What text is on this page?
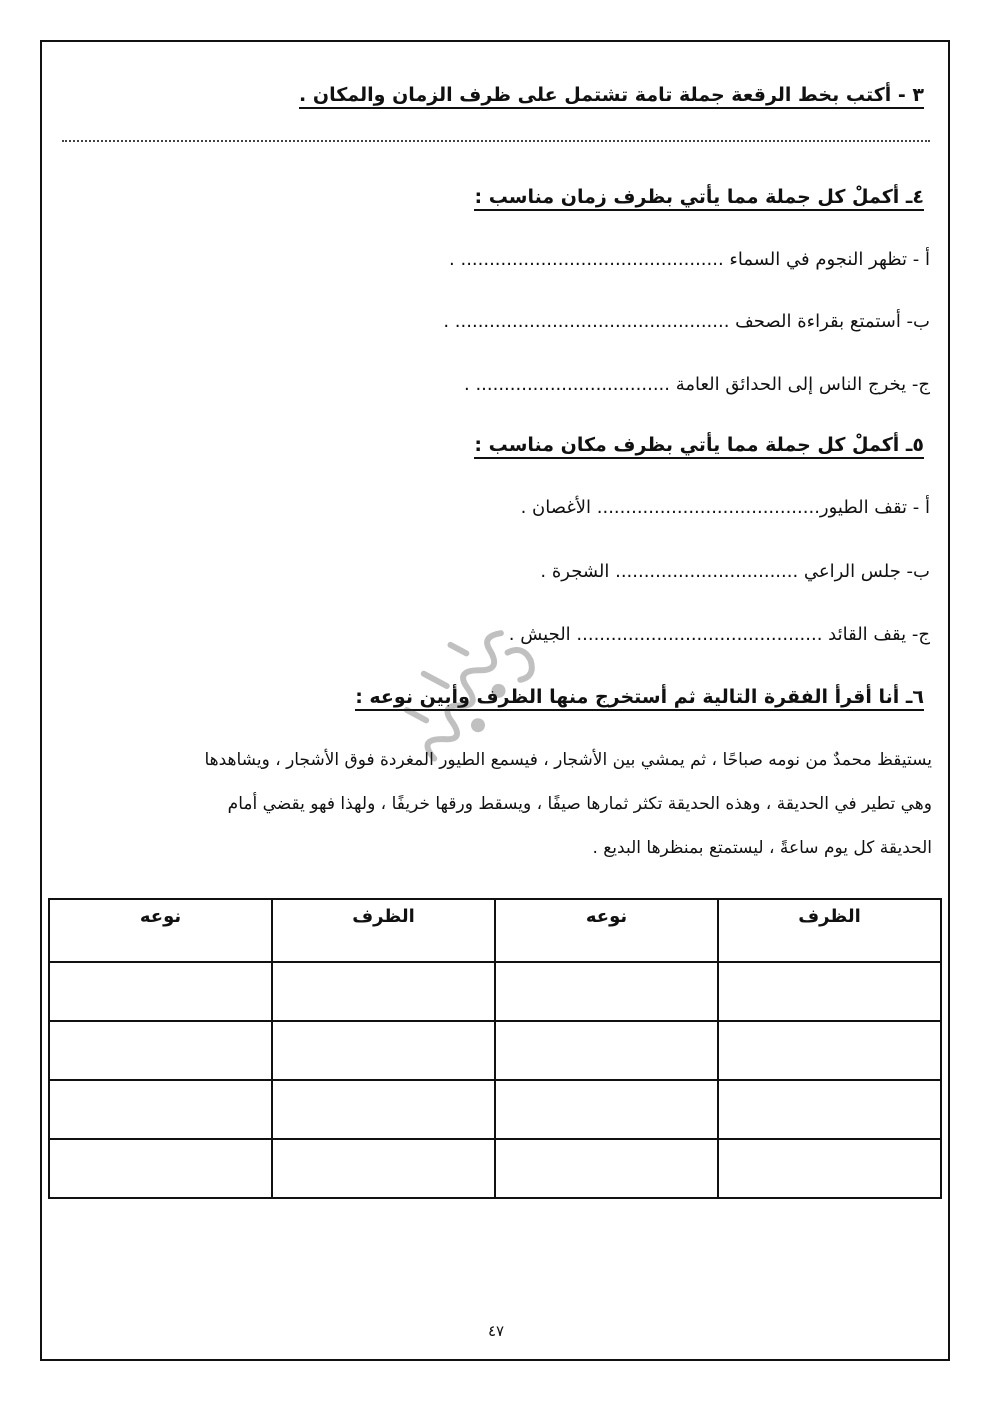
٣ - أكتب بخط الرقعة جملة تامة تشتمل على ظرف الزمان والمكان .
٤ـ أكملْ كل جملة مما يأتي بظرف زمان مناسب :
أ - تظهر النجوم في السماء .............................................. .
ب- أستمتع بقراءة الصحف ................................................ .
ج- يخرج الناس إلى الحدائق العامة .................................. .
٥ـ أكملْ كل جملة مما يأتي بظرف مكان مناسب :
أ - تقف الطيور....................................... الأغصان .
ب- جلس الراعي ................................ الشجرة .
ج- يقف القائد ........................................... الجيش .
٦ـ أنا أقرأ الفقرة التالية ثم أستخرج منها الظرف وأبين نوعه :

يستيقظ محمدٌ من نومه صباحًا ، ثم يمشي بين الأشجار ، فيسمع الطيور المغردة فوق الأشجار ، ويشاهدها

وهي تطير في الحديقة ، وهذه الحديقة تكثر ثمارها صيفًا ، ويسقط ورقها خريفًا ، ولهذا فهو يقضي أمام

الحديقة كل يوم ساعةً ، ليستمتع بمنظرها البديع .

الظرف	نوعه	الظرف	نوعه

٤٧
